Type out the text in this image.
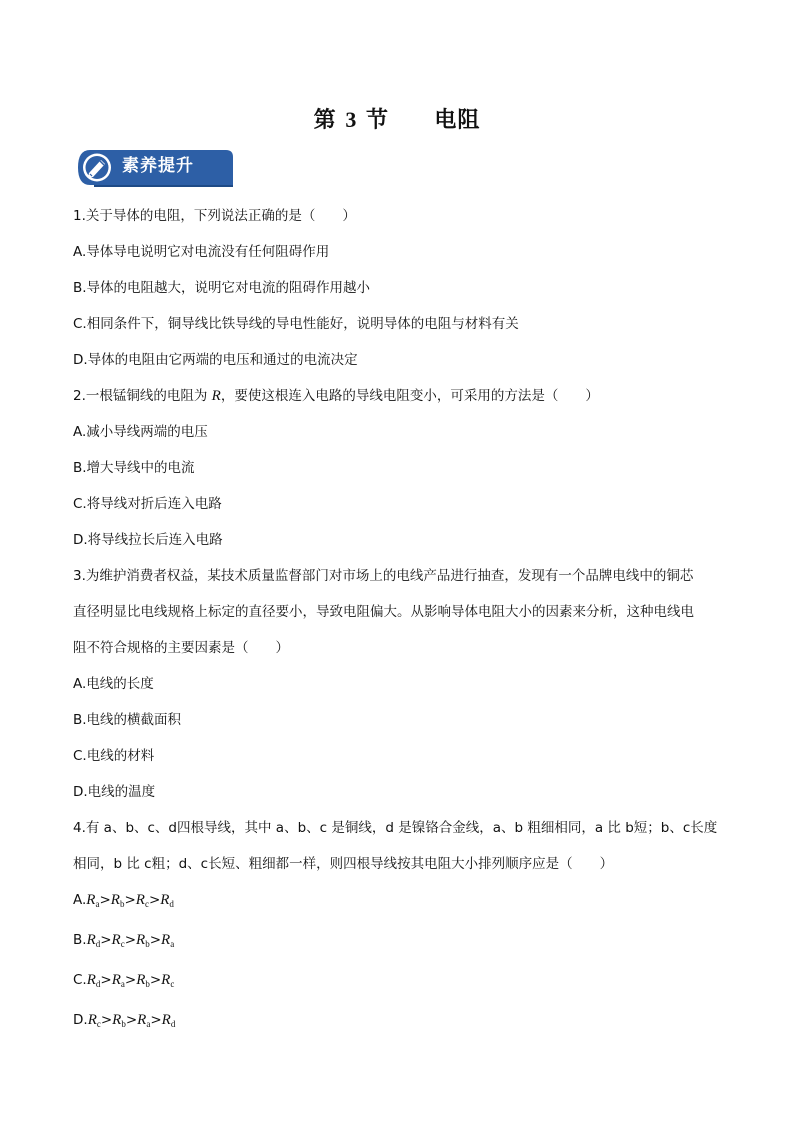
第 3 节 电阻
素养提升
1.关于导体的电阻，下列说法正确的是（　　）
A.导体导电说明它对电流没有任何阻碍作用
B.导体的电阻越大，说明它对电流的阻碍作用越小
C.相同条件下，铜导线比铁导线的导电性能好，说明导体的电阻与材料有关
D.导体的电阻由它两端的电压和通过的电流决定
2.一根锰铜线的电阻为 R，要使这根连入电路的导线电阻变小，可采用的方法是（　　）
A.减小导线两端的电压
B.增大导线中的电流
C.将导线对折后连入电路
D.将导线拉长后连入电路
3.为维护消费者权益，某技术质量监督部门对市场上的电线产品进行抽查，发现有一个品牌电线中的铜芯
直径明显比电线规格上标定的直径要小，导致电阻偏大。从影响导体电阻大小的因素来分析，这种电线电
阻不符合规格的主要因素是（　　）
A.电线的长度
B.电线的横截面积
C.电线的材料
D.电线的温度
4.有 a、b、c、d四根导线，其中 a、b、c 是铜线，d 是镍铬合金线，a、b 粗细相同，a 比 b短；b、c长度
相同，b 比 c粗；d、c长短、粗细都一样，则四根导线按其电阻大小排列顺序应是（　　）
$A.R_a>R_b>R_c>R_d$
$B.R_d>R_c>R_b>R_a$
$C.R_d>R_a>R_b>R_c$
$D.R_c>R_b>R_a>R_d$
